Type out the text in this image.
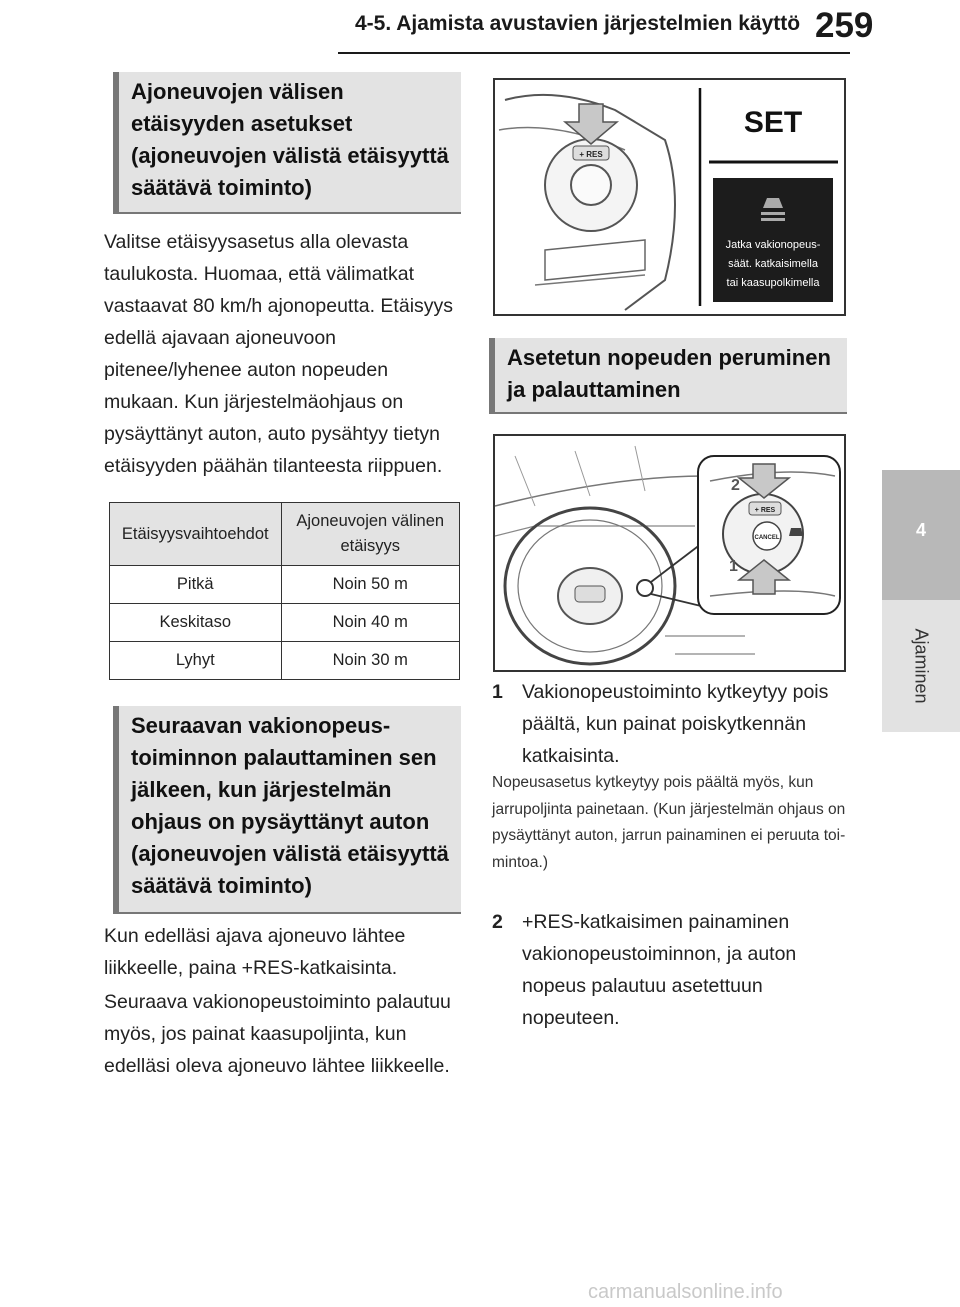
4-5. Ajamista avustavien järjestelmien käyttö 259
4
Ajaminen
Ajoneuvojen välisen etäisyyden asetukset (ajoneuvojen välistä etäisyyttä säätävä toiminto)
Valitse etäisyysasetus alla olevasta taulukosta. Huomaa, että välimatkat vastaavat 80 km/h ajonopeutta. Etäisyys edellä ajavaan ajoneuvoon pitenee/lyhenee auton nopeuden mukaan. Kun järjestelmäohjaus on pysäyttänyt auton, auto pysähtyy tietyn etäisyyden päähän tilanteesta riippuen.
Etäisyysvaihtoehdot	Ajoneuvojen välinen etäisyys
Pitkä	Noin 50 m
Keskitaso	Noin 40 m
Lyhyt	Noin 30 m
Seuraavan vakionopeustoiminnon palauttaminen sen jälkeen, kun järjestelmän ohjaus on pysäyttänyt auton (ajoneuvojen välistä etäisyyttä säätävä toiminto)
Kun edelläsi ajava ajoneuvo lähtee liikkeelle, paina +RES-katkaisinta.
Seuraava vakionopeustoiminto palautuu myös, jos painat kaasupoljinta, kun edelläsi oleva ajoneuvo lähtee liikkeelle.
+ RES
SET
Jatka vakionopeus-
säät. katkaisimella
tai kaasupolkimella
Asetetun nopeuden peruminen ja palauttaminen
+ RES
CANCEL
2
1
1 Vakionopeustoiminto kytkeytyy pois päältä, kun painat poiskytkennän katkaisinta.
Nopeusasetus kytkeytyy pois päältä myös, kun jarrupoljinta painetaan. (Kun järjestelmän ohjaus on pysäyttänyt auton, jarrun painaminen ei peruuta toimintoa.)
2 +RES-katkaisimen painaminen vakionopeustoiminnon, ja auton nopeus palautuu asetettuun nopeuteen.
carmanualsonline.info
